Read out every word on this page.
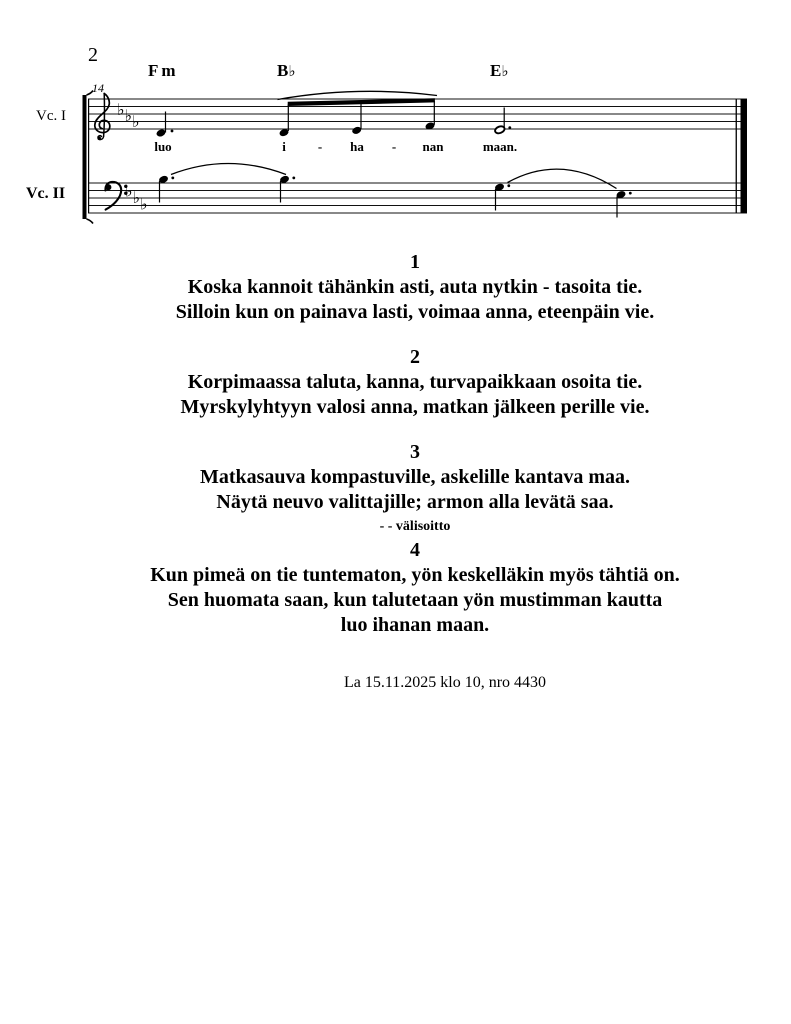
♭ ♭ ♭
♭ ♭ ♭
2
14
Vc. I
Vc. II
F m	B♭	E♭
luo	i - ha - nan	maan.
1
Koska kannoit tähänkin asti, auta nytkin - tasoita tie.
Silloin kun on painava lasti, voimaa anna, eteenpäin vie.
2
Korpimaassa taluta, kanna, turvapaikkaan osoita tie.
Myrskylyhtyyn valosi anna, matkan jälkeen perille vie.
3
Matkasauva kompastuville, askelille kantava maa.
Näytä neuvo valittajille; armon alla levätä saa.
- - välisoitto
4
Kun pimeä on tie tuntematon, yön keskelläkin myös tähtiä on.
Sen huomata saan, kun talutetaan yön mustimman kautta
luo ihanan maan.
La 15.11.2025 klo 10, nro 4430
